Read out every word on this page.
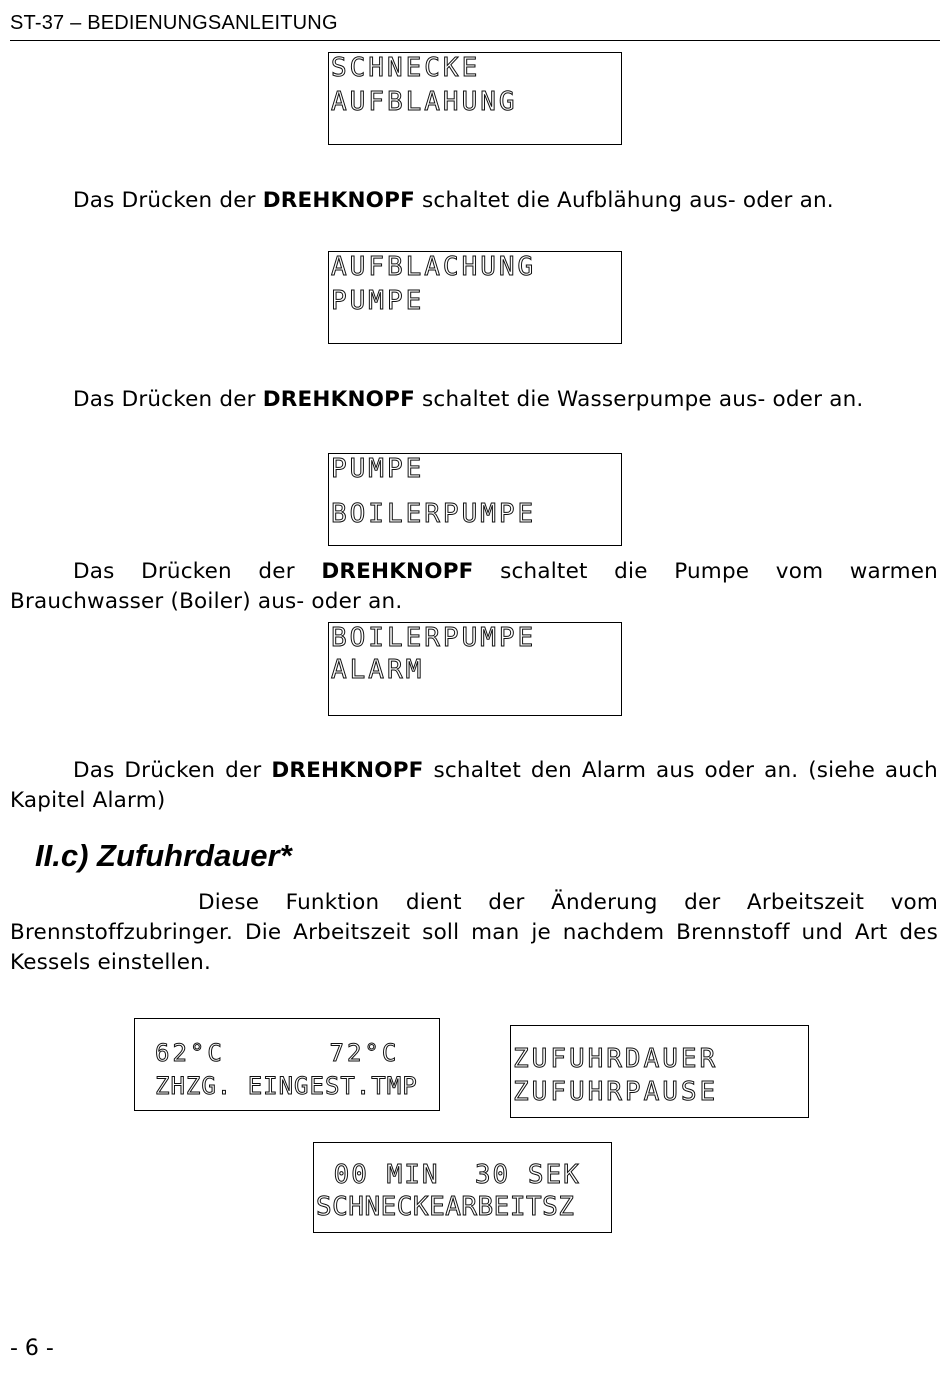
ST-37 – BEDIENUNGSANLEITUNG
SCHNECKE
AUFBLAHUNG
Das Drücken der DREHKNOPF schaltet die Aufblähung aus- oder an.
AUFBLACHUNG
PUMPE
Das Drücken der DREHKNOPF schaltet die Wasserpumpe aus- oder an.
PUMPE
BOILERPUMPE
Das Drücken der DREHKNOPF schaltet die Pumpe vom warmen Brauchwasser (Boiler) aus- oder an.
BOILERPUMPE
ALARM
Das Drücken der DREHKNOPF schaltet den Alarm aus oder an. (siehe auch Kapitel Alarm)
II.c) Zufuhrdauer*
Diese Funktion dient der Änderung der Arbeitszeit vom Brennstoffzubringer. Die Arbeitszeit soll man je nachdem Brennstoff und Art des Kessels einstellen.
62°C      72°C
ZHZG. EINGEST.TMP
ZUFUHRDAUER
ZUFUHRPAUSE
00 MIN  30 SEK
SCHNECKEARBEITSZ
- 6 -
